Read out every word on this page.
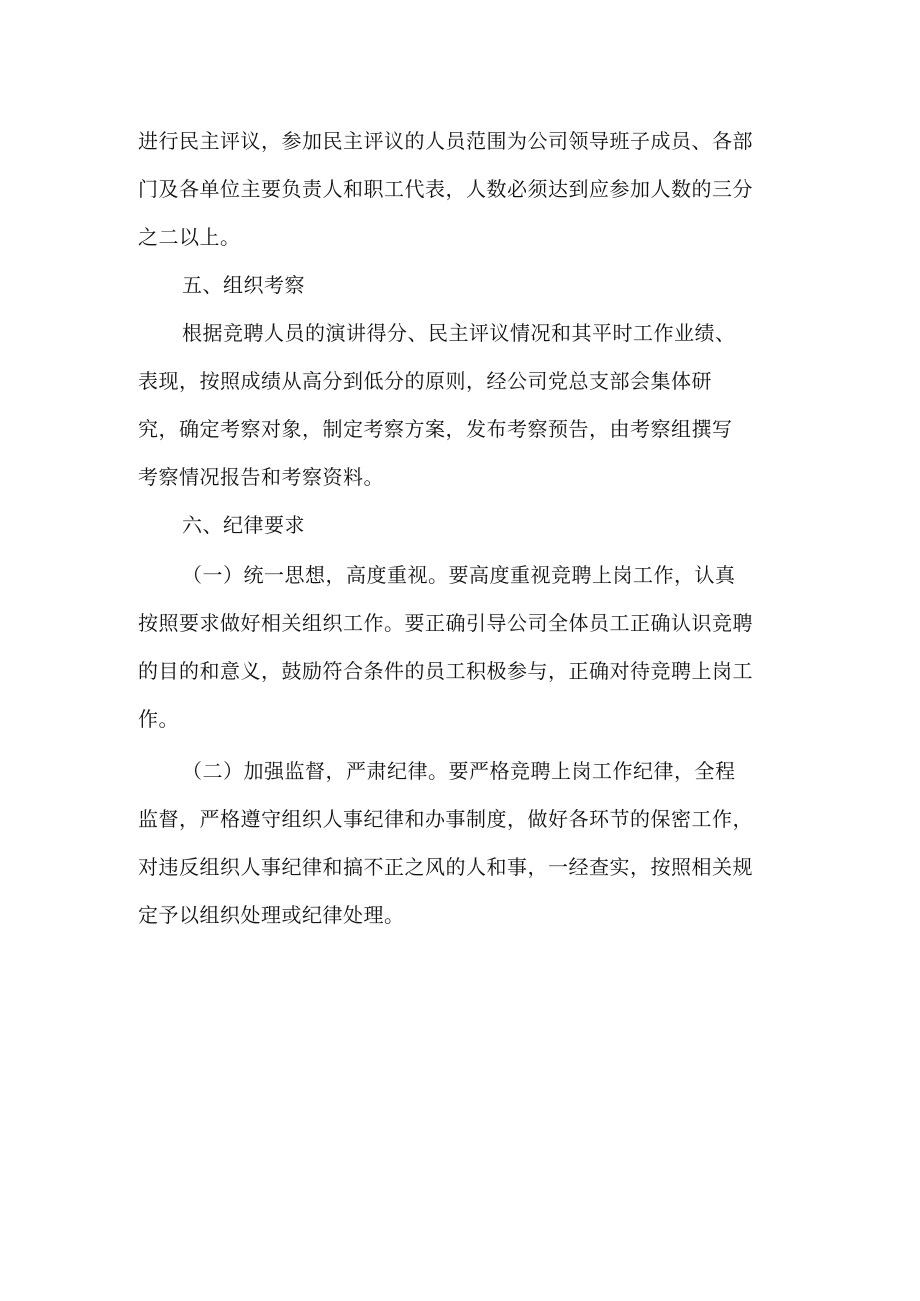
进行民主评议，参加民主评议的人员范围为公司领导班子成员、各部
门及各单位主要负责人和职工代表，人数必须达到应参加人数的三分
之二以上。
五、组织考察
根据竞聘人员的演讲得分、民主评议情况和其平时工作业绩、
表现，按照成绩从高分到低分的原则，经公司党总支部会集体研
究，确定考察对象，制定考察方案，发布考察预告，由考察组撰写
考察情况报告和考察资料。
六、纪律要求
（一）统一思想，高度重视。要高度重视竞聘上岗工作，认真
按照要求做好相关组织工作。要正确引导公司全体员工正确认识竞聘
的目的和意义，鼓励符合条件的员工积极参与，正确对待竞聘上岗工
作。
（二）加强监督，严肃纪律。要严格竞聘上岗工作纪律，全程
监督，严格遵守组织人事纪律和办事制度，做好各环节的保密工作，
对违反组织人事纪律和搞不正之风的人和事，一经查实，按照相关规
定予以组织处理或纪律处理。
